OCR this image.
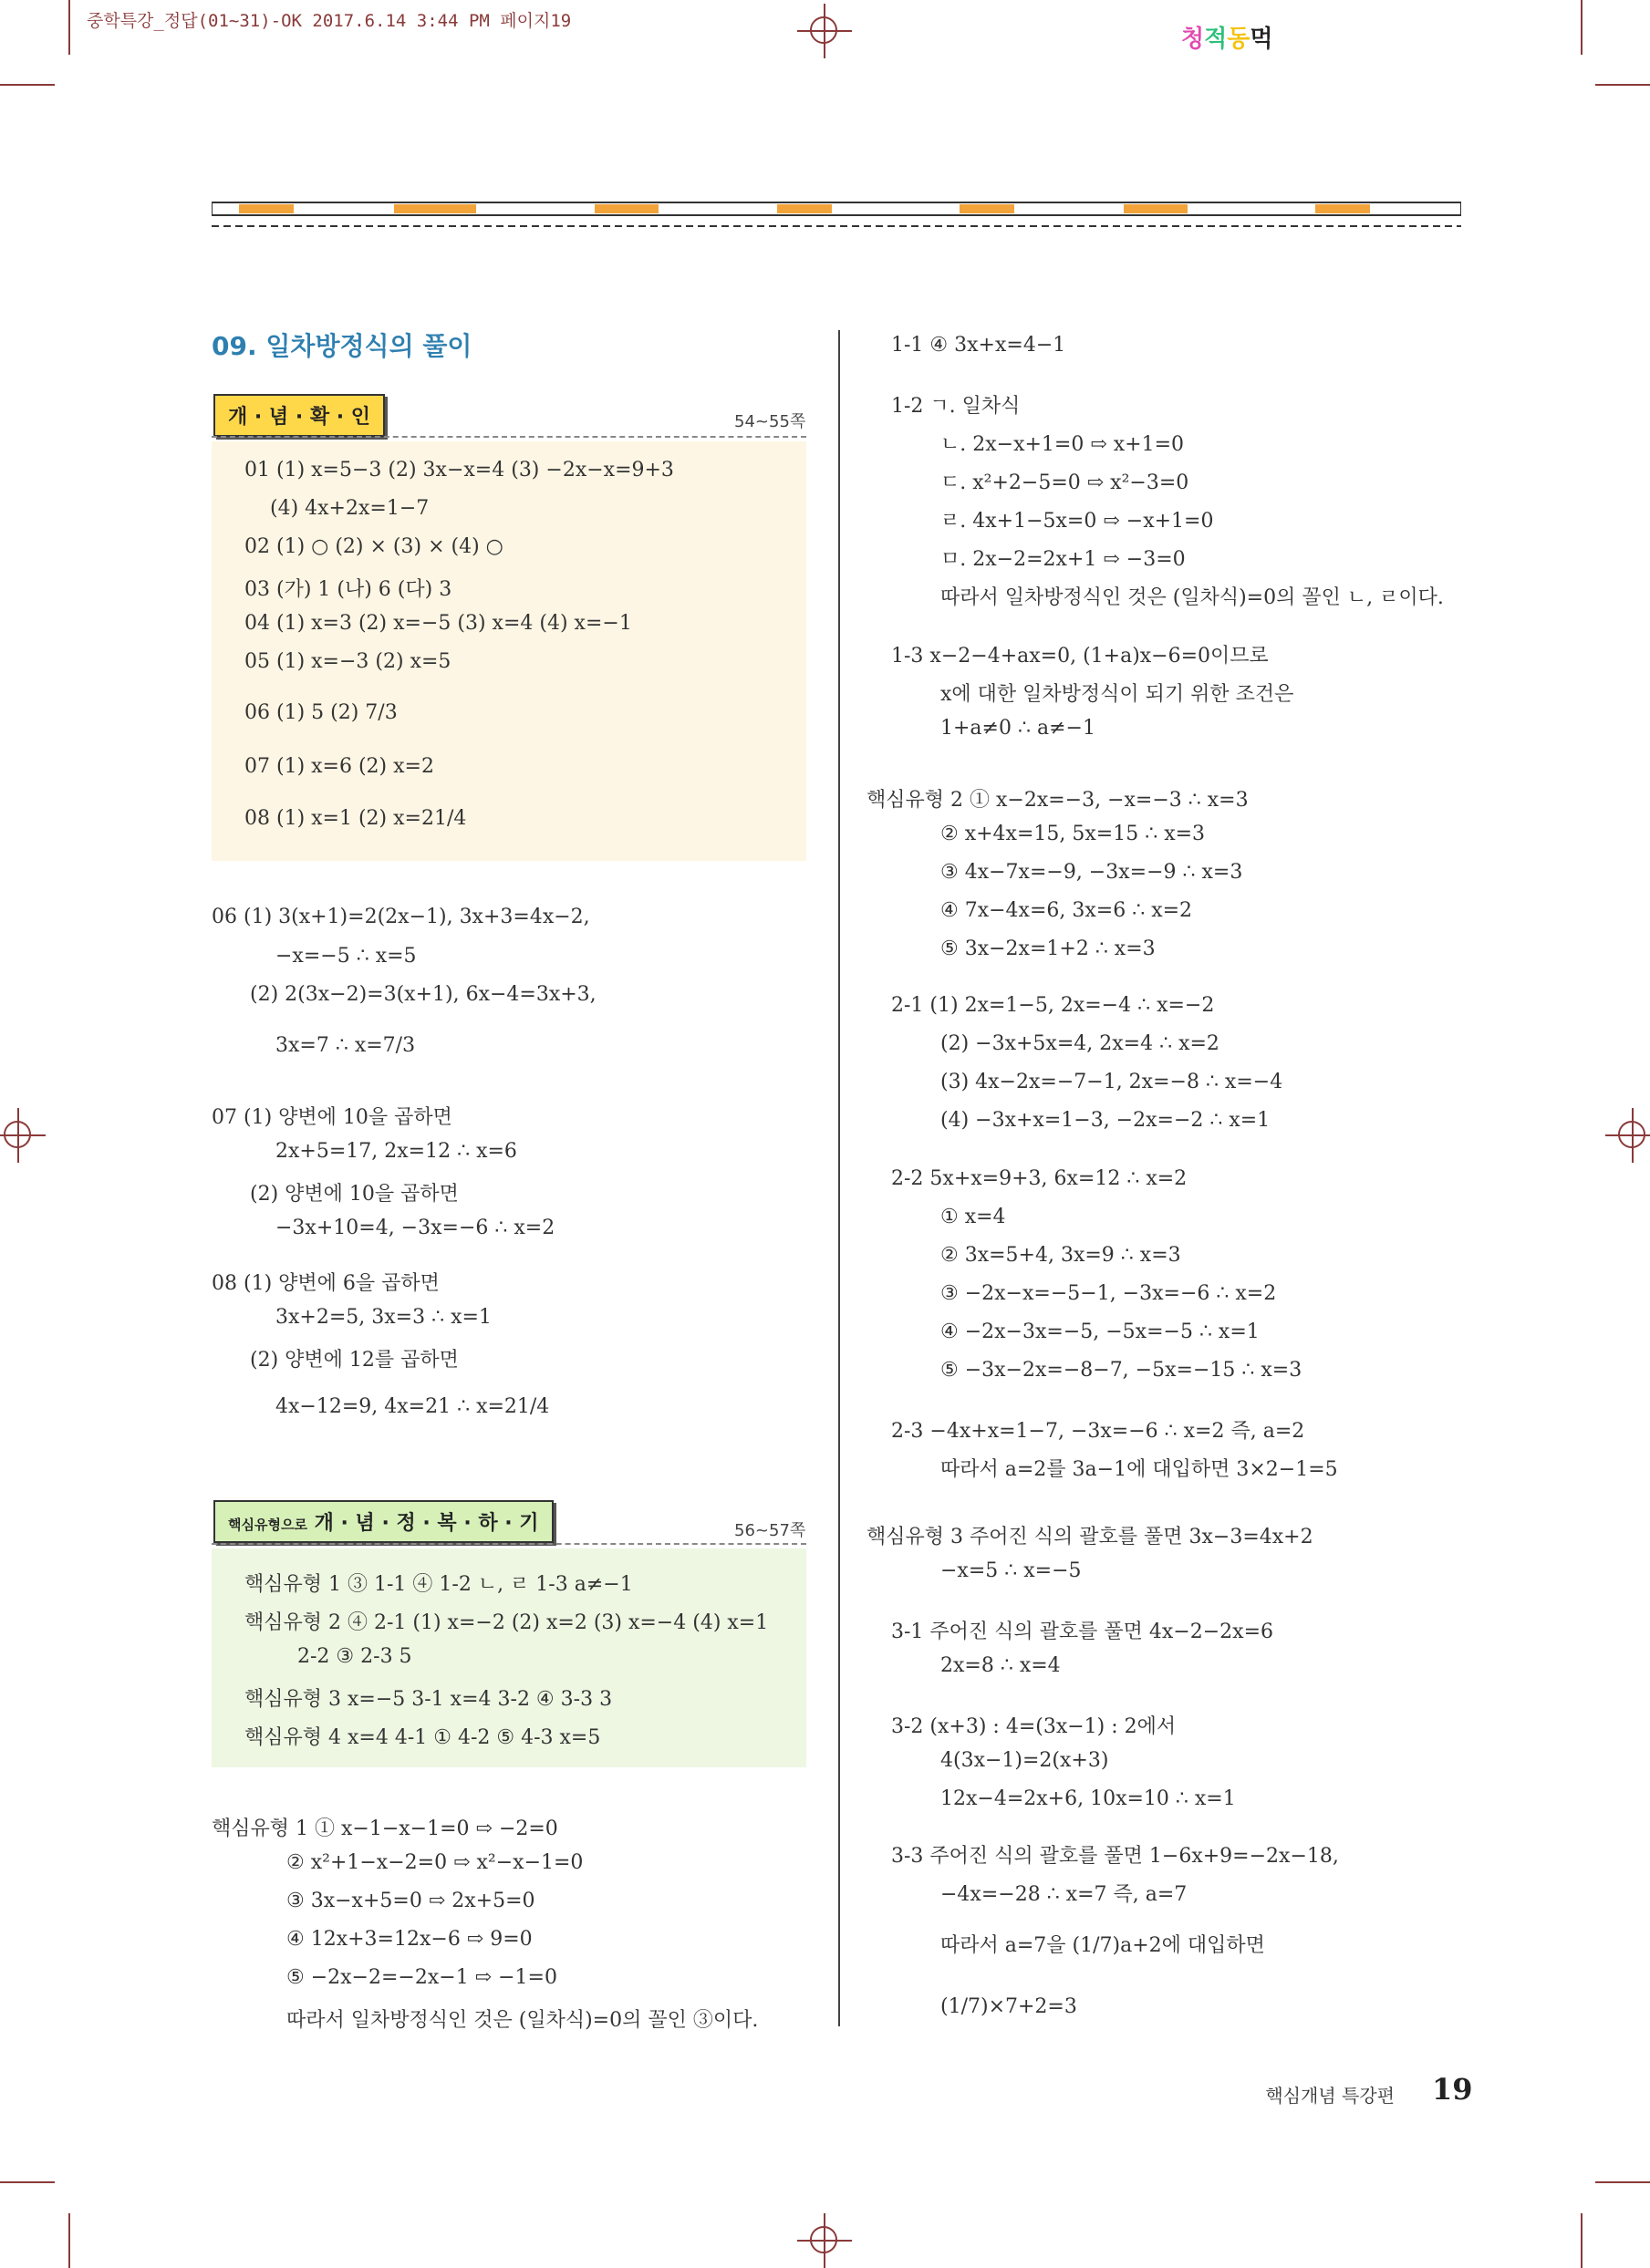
중학특강_정답(01~31)-OK 2017.6.14 3:44 PM 페이지19
청적동먹
09. 일차방정식의 풀이
개 · 념 · 확 · 인	54~55쪽
01 (1) x=5−3 (2) 3x−x=4 (3) −2x−x=9+3
(4) 4x+2x=1−7
02 (1) ○ (2) × (3) × (4) ○
03 (가) 1 (나) 6 (다) 3
04 (1) x=3 (2) x=−5 (3) x=4 (4) x=−1
05 (1) x=−3 (2) x=5
06 (1) 5 (2) 7/3
07 (1) x=6 (2) x=2
08 (1) x=1 (2) x=21/4
06 (1) 3(x+1)=2(2x−1), 3x+3=4x−2,
−x=−5 ∴ x=5
(2) 2(3x−2)=3(x+1), 6x−4=3x+3,
3x=7 ∴ x=7/3
07 (1) 양변에 10을 곱하면
2x+5=17, 2x=12 ∴ x=6
(2) 양변에 10을 곱하면
−3x+10=4, −3x=−6 ∴ x=2
08 (1) 양변에 6을 곱하면
3x+2=5, 3x=3 ∴ x=1
(2) 양변에 12를 곱하면
4x−12=9, 4x=21 ∴ x=21/4
핵심유형으로 개 · 념 · 정 · 복 · 하 · 기	56~57쪽
핵심유형 1 ③ 1-1 ④ 1-2 ㄴ, ㄹ 1-3 a≠−1
핵심유형 2 ④ 2-1 (1) x=−2 (2) x=2 (3) x=−4 (4) x=1
2-2 ③ 2-3 5
핵심유형 3 x=−5 3-1 x=4 3-2 ④ 3-3 3
핵심유형 4 x=4 4-1 ① 4-2 ⑤ 4-3 x=5
핵심유형 1 ① x−1−x−1=0 ⇨ −2=0
② x²+1−x−2=0 ⇨ x²−x−1=0
③ 3x−x+5=0 ⇨ 2x+5=0
④ 12x+3=12x−6 ⇨ 9=0
⑤ −2x−2=−2x−1 ⇨ −1=0
따라서 일차방정식인 것은 (일차식)=0의 꼴인 ③이다.
1-1 ④ 3x+x=4−1
1-2 ㄱ. 일차식
ㄴ. 2x−x+1=0 ⇨ x+1=0
ㄷ. x²+2−5=0 ⇨ x²−3=0
ㄹ. 4x+1−5x=0 ⇨ −x+1=0
ㅁ. 2x−2=2x+1 ⇨ −3=0
따라서 일차방정식인 것은 (일차식)=0의 꼴인 ㄴ, ㄹ이다.
1-3 x−2−4+ax=0, (1+a)x−6=0이므로
x에 대한 일차방정식이 되기 위한 조건은
1+a≠0 ∴ a≠−1
핵심유형 2 ① x−2x=−3, −x=−3 ∴ x=3
② x+4x=15, 5x=15 ∴ x=3
③ 4x−7x=−9, −3x=−9 ∴ x=3
④ 7x−4x=6, 3x=6 ∴ x=2
⑤ 3x−2x=1+2 ∴ x=3
2-1 (1) 2x=1−5, 2x=−4 ∴ x=−2
(2) −3x+5x=4, 2x=4 ∴ x=2
(3) 4x−2x=−7−1, 2x=−8 ∴ x=−4
(4) −3x+x=1−3, −2x=−2 ∴ x=1
2-2 5x+x=9+3, 6x=12 ∴ x=2
① x=4
② 3x=5+4, 3x=9 ∴ x=3
③ −2x−x=−5−1, −3x=−6 ∴ x=2
④ −2x−3x=−5, −5x=−5 ∴ x=1
⑤ −3x−2x=−8−7, −5x=−15 ∴ x=3
2-3 −4x+x=1−7, −3x=−6 ∴ x=2 즉, a=2
따라서 a=2를 3a−1에 대입하면 3×2−1=5
핵심유형 3 주어진 식의 괄호를 풀면 3x−3=4x+2
−x=5 ∴ x=−5
3-1 주어진 식의 괄호를 풀면 4x−2−2x=6
2x=8 ∴ x=4
3-2 (x+3) : 4=(3x−1) : 2에서
4(3x−1)=2(x+3)
12x−4=2x+6, 10x=10 ∴ x=1
3-3 주어진 식의 괄호를 풀면 1−6x+9=−2x−18,
−4x=−28 ∴ x=7 즉, a=7
따라서 a=7을 (1/7)a+2에 대입하면
(1/7)×7+2=3
핵심개념 특강편 19
